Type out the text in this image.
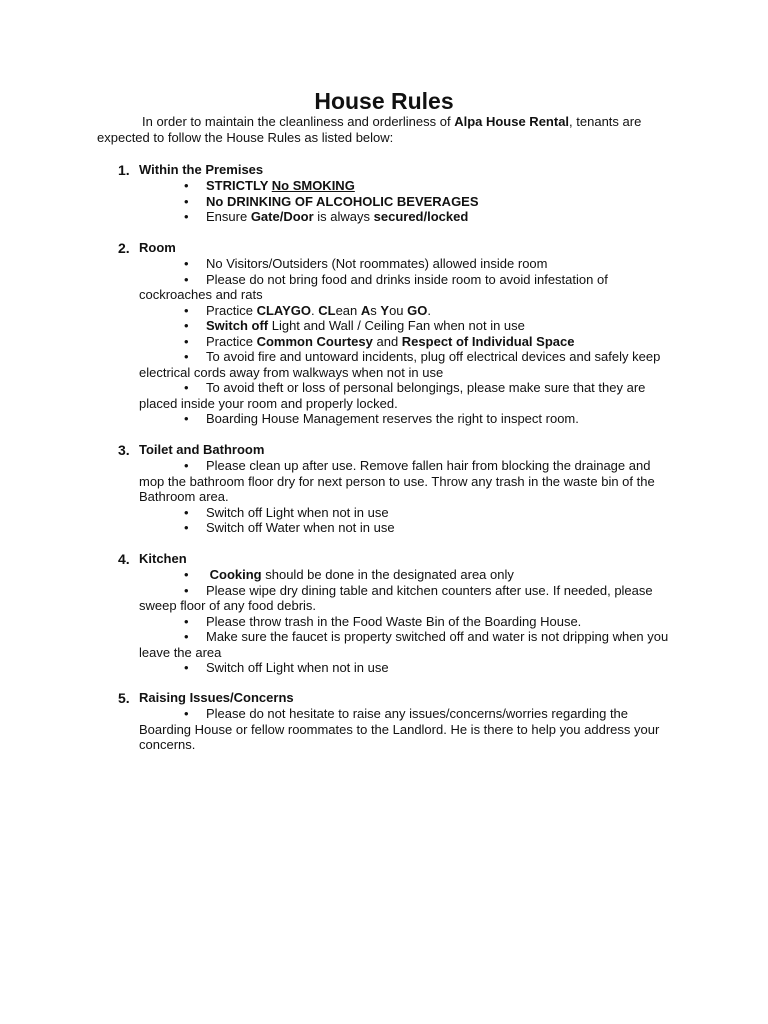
House Rules
In order to maintain the cleanliness and orderliness of Alpa House Rental, tenants are expected to follow the House Rules as listed below:
1. Within the Premises
• STRICTLY No SMOKING
• No DRINKING OF ALCOHOLIC BEVERAGES
• Ensure Gate/Door is always secured/locked
2. Room
• No Visitors/Outsiders (Not roommates) allowed inside room
• Please do not bring food and drinks inside room to avoid infestation of cockroaches and rats
• Practice CLAYGO. CLean As You GO.
• Switch off Light and Wall / Ceiling Fan when not in use
• Practice Common Courtesy and Respect of Individual Space
• To avoid fire and untoward incidents, plug off electrical devices and safely keep electrical cords away from walkways when not in use
• To avoid theft or loss of personal belongings, please make sure that they are placed inside your room and properly locked.
• Boarding House Management reserves the right to inspect room.
3. Toilet and Bathroom
• Please clean up after use. Remove fallen hair from blocking the drainage and mop the bathroom floor dry for next person to use. Throw any trash in the waste bin of the Bathroom area.
• Switch off Light when not in use
• Switch off Water when not in use
4. Kitchen
• Cooking should be done in the designated area only
• Please wipe dry dining table and kitchen counters after use. If needed, please sweep floor of any food debris.
• Please throw trash in the Food Waste Bin of the Boarding House.
• Make sure the faucet is property switched off and water is not dripping when you leave the area
• Switch off Light when not in use
5. Raising Issues/Concerns
• Please do not hesitate to raise any issues/concerns/worries regarding the Boarding House or fellow roommates to the Landlord. He is there to help you address your concerns.
